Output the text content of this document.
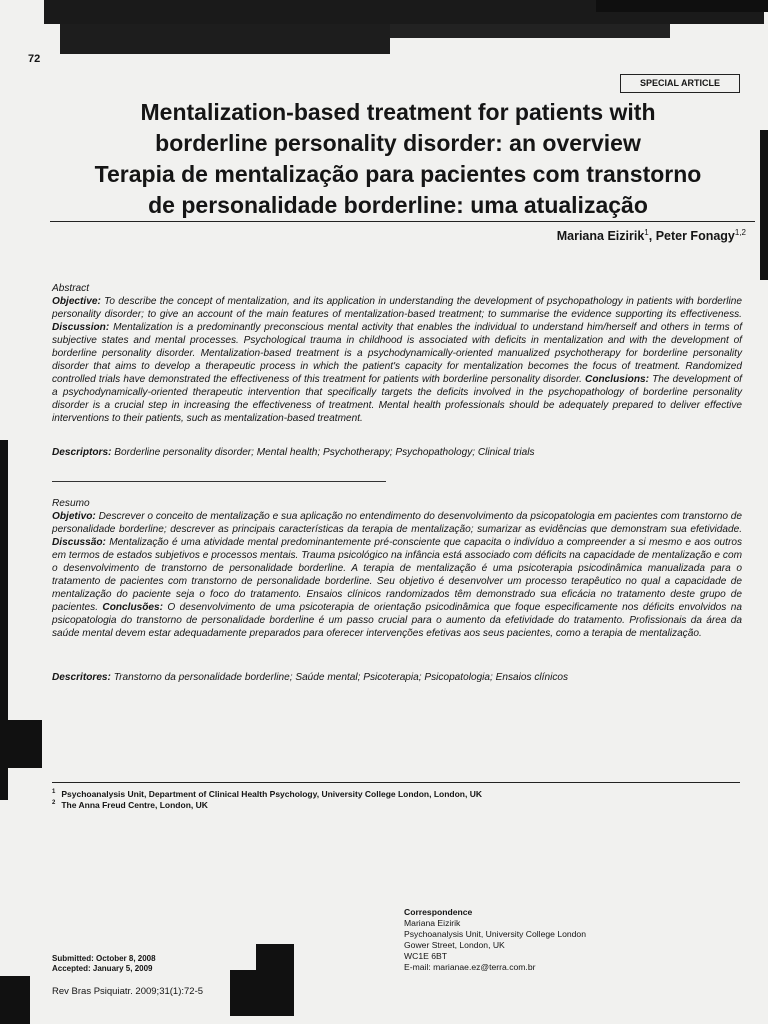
72
SPECIAL ARTICLE
Mentalization-based treatment for patients with
borderline personality disorder: an overview
Terapia de mentalização para pacientes com transtorno
de personalidade borderline: uma atualização
Mariana Eizirik$^1$, Peter Fonagy$^{1,2}$
Abstract
Objective: To describe the concept of mentalization, and its application in understanding the development of psychopathology in patients with borderline personality disorder; to give an account of the main features of mentalization-based treatment; to summarise the evidence supporting its effectiveness. Discussion: Mentalization is a predominantly preconscious mental activity that enables the individual to understand him/herself and others in terms of subjective states and mental processes. Psychological trauma in childhood is associated with deficits in mentalization and with the development of borderline personality disorder. Mentalization-based treatment is a psychodynamically-oriented manualized psychotherapy for borderline personality disorder that aims to develop a therapeutic process in which the patient's capacity for mentalization becomes the focus of treatment. Randomized controlled trials have demonstrated the effectiveness of this treatment for patients with borderline personality disorder. Conclusions: The development of a psychodynamically-oriented therapeutic intervention that specifically targets the deficits involved in the psychopathology of borderline personality disorder is a crucial step in increasing the effectiveness of treatment. Mental health professionals should be adequately prepared to deliver effective interventions to their patients, such as mentalization-based treatment.
Descriptors: Borderline personality disorder; Mental health; Psychotherapy; Psychopathology; Clinical trials
Resumo
Objetivo: Descrever o conceito de mentalização e sua aplicação no entendimento do desenvolvimento da psicopatologia em pacientes com transtorno de personalidade borderline; descrever as principais características da terapia de mentalização; sumarizar as evidências que demonstram sua efetividade. Discussão: Mentalização é uma atividade mental predominantemente pré-consciente que capacita o indivíduo a compreender a si mesmo e aos outros em termos de estados subjetivos e processos mentais. Trauma psicológico na infância está associado com déficits na capacidade de mentalização e com o desenvolvimento de transtorno de personalidade borderline. A terapia de mentalização é uma psicoterapia psicodinâmica manualizada para o tratamento de pacientes com transtorno de personalidade borderline. Seu objetivo é desenvolver um processo terapêutico no qual a capacidade de mentalização do paciente seja o foco do tratamento. Ensaios clínicos randomizados têm demonstrado sua eficácia no tratamento deste grupo de pacientes. Conclusões: O desenvolvimento de uma psicoterapia de orientação psicodinâmica que foque especificamente nos déficits envolvidos na psicopatologia do transtorno de personalidade borderline é um passo crucial para o aumento da efetividade do tratamento. Profissionais da área da saúde mental devem estar adequadamente preparados para oferecer intervenções efetivas aos seus pacientes, como a terapia de mentalização.
Descritores: Transtorno da personalidade borderline; Saúde mental; Psicoterapia; Psicopatologia; Ensaios clínicos
$^1$ Psychoanalysis Unit, Department of Clinical Health Psychology, University College London, London, UK
$^2$ The Anna Freud Centre, London, UK
Correspondence
Mariana Eizirik
Psychoanalysis Unit, University College London
Gower Street, London, UK
WC1E 6BT
E-mail: marianae.ez@terra.com.br
Submitted: October 8, 2008
Accepted: January 5, 2009
Rev Bras Psiquiatr. 2009;31(1):72-5
